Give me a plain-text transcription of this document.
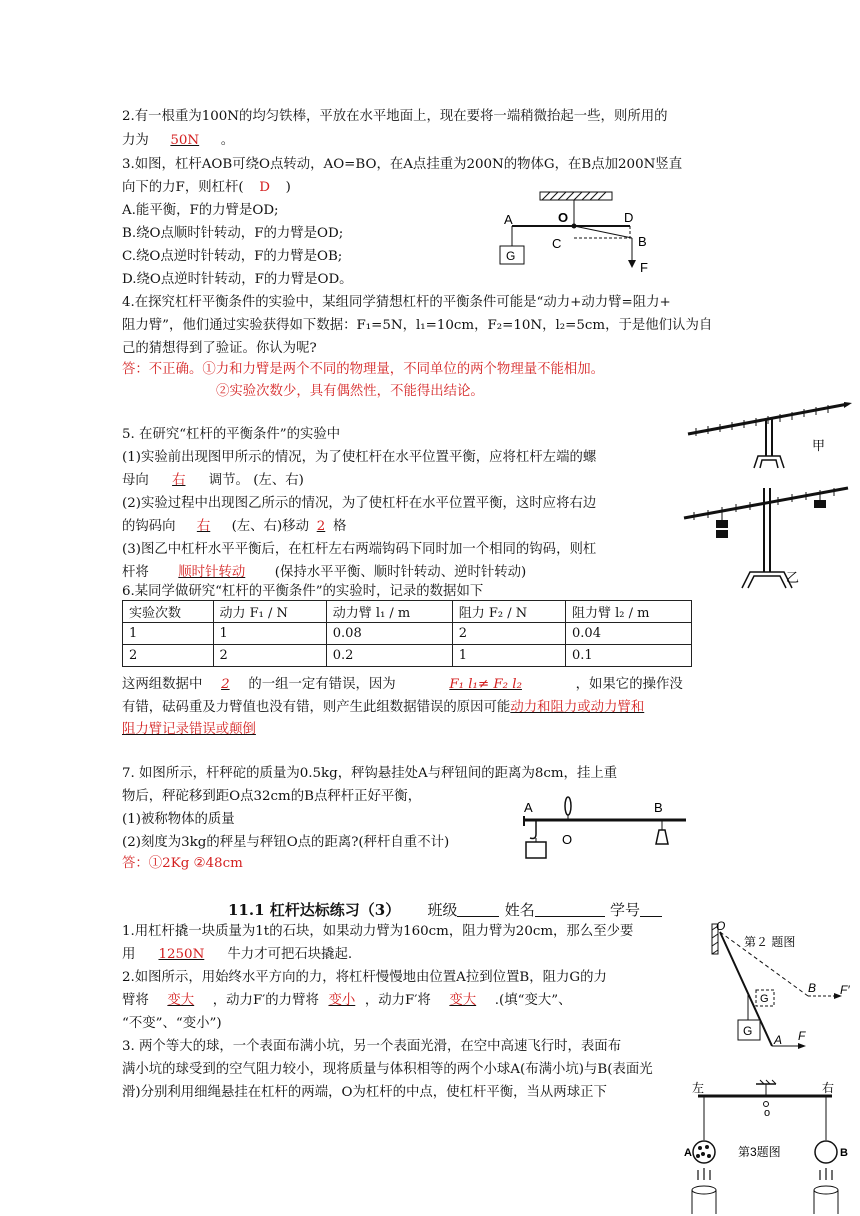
2.有一根重为100N的均匀铁棒，平放在水平地面上，现在要将一端稍微抬起一些，则所用的
力为 50N 。
3.如图，杠杆AOB可绕O点转动，AO=BO，在A点挂重为200N的物体G，在B点加200N竖直
向下的力F，则杠杆( D )
A.能平衡，F的力臂是OD;
B.绕O点顺时针转动，F的力臂是OD;
C.绕O点逆时针转动，F的力臂是OB;
D.绕O点逆时针转动，F的力臂是OD。
G
A	O	D
C	B
F
4.在探究杠杆平衡条件的实验中，某组同学猜想杠杆的平衡条件可能是“动力+动力臂=阻力+
阻力臂”，他们通过实验获得如下数据：F₁=5N，l₁=10cm，F₂=10N，l₂=5cm，于是他们认为自
己的猜想得到了验证。你认为呢?
答：不正确。①力和力臂是两个不同的物理量，不同单位的两个物理量不能相加。
②实验次数少，具有偶然性，不能得出结论。
5. 在研究“杠杆的平衡条件”的实验中
(1)实验前出现图甲所示的情况，为了使杠杆在水平位置平衡，应将杠杆左端的螺
母向 右 调节。 (左、右)
(2)实验过程中出现图乙所示的情况，为了使杠杆在水平位置平衡，这时应将右边
的钩码向 右 (左、右)移动 2 格
(3)图乙中杠杆水平平衡后，在杠杆左右两端钩码下同时加一个相同的钩码，则杠
杆将 顺时针转动 (保持水平平衡、顺时针转动、逆时针转动)
甲
乙
6.某同学做研究“杠杆的平衡条件”的实验时，记录的数据如下
实验次数	动力 F₁ / N	动力臂 l₁ / m	阻力 F₂ / N	阻力臂 l₂ / m
1	1	0.08	2	0.04
2	2	0.2	1	0.1
这两组数据中 2 的一组一定有错误，因为	F₁ l₁≠ F₂ l₂	，如果它的操作没
有错，砝码重及力臂值也没有错，则产生此组数据错误的原因可能动力和阻力或动力臂和
阻力臂记录错误或颠倒
7. 如图所示，杆秤砣的质量为0.5kg，秤钩悬挂处A与秤钮间的距离为8cm，挂上重
物后，秤砣移到距O点32cm的B点秤杆正好平衡，
(1)被称物体的质量
(2)刻度为3kg的秤星与秤钮O点的距离?(秤杆自重不计)
答：①2Kg ②48cm
A	B
O
11.1 杠杆达标练习（3） 班级	姓名	学号
1.用杠杆撬一块质量为1t的石块，如果动力臂为160cm，阻力臂为20cm，那么至少要
用 1250N 牛力才可把石块撬起.
2.如图所示，用始终水平方向的力，将杠杆慢慢地由位置A拉到位置B，阻力G的力
臂将 变大 ，动力F′的力臂将 变小 ，动力F′将 变大 .(填“变大”、
“不变”、“变小”)
O
第２ 题图
B F′
G
G
A F
3. 两个等大的球，一个表面布满小坑，另一个表面光滑，在空中高速飞行时，表面布
满小坑的球受到的空气阻力较小，现将质量与体积相等的两个小球A(布满小坑)与B(表面光
滑)分别利用细绳悬挂在杠杆的两端，O为杠杆的中点，使杠杆平衡，当从两球正下	左	右
o
A	B
第3题图
